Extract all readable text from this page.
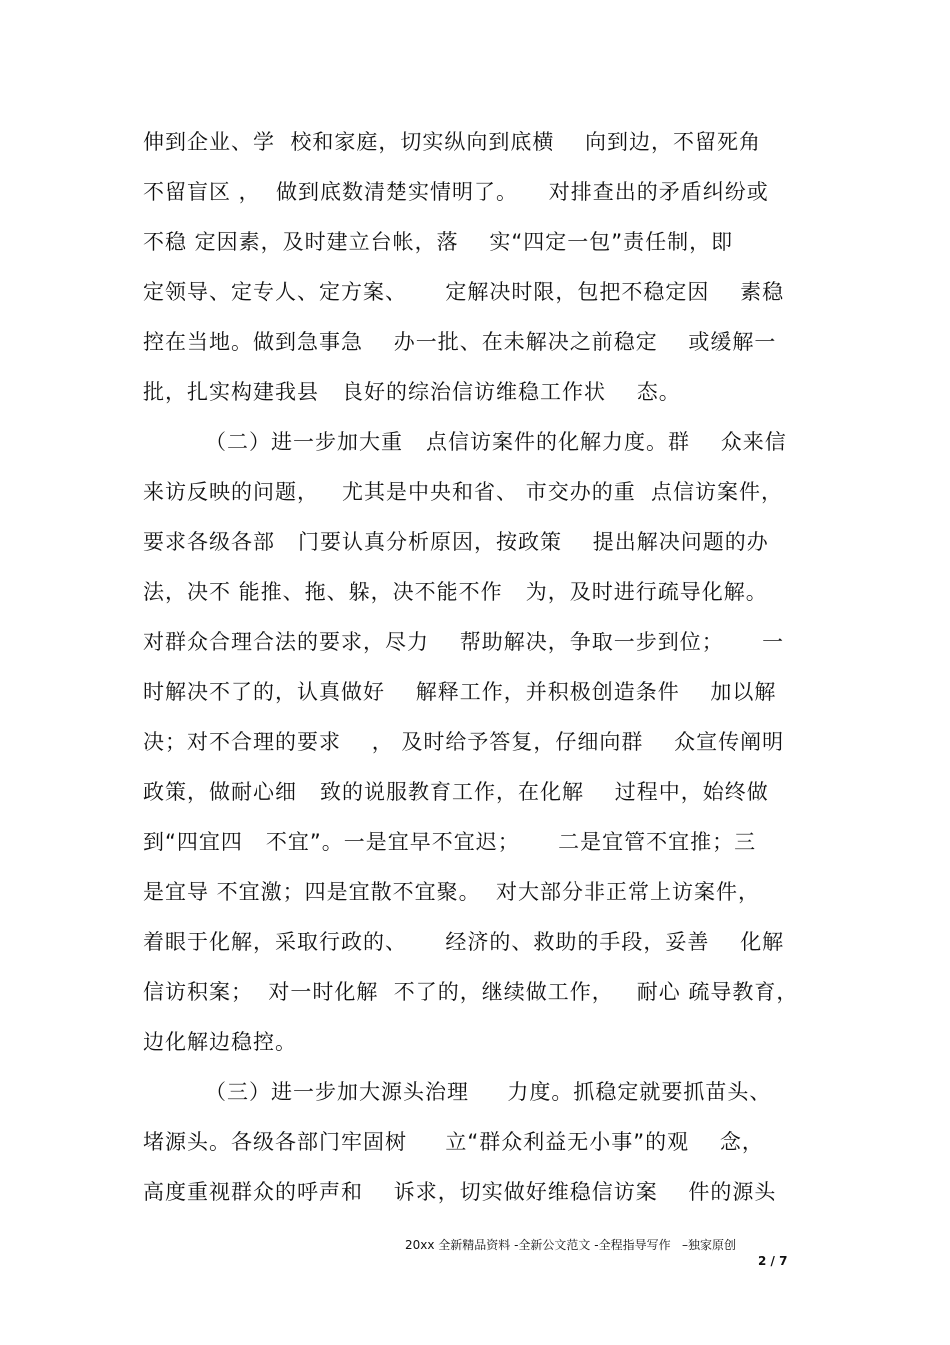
伸到企业、学  校和家庭，切实纵向到底横    向到边，不留死角
不留盲区 ，  做到底数清楚实情明了。    对排查出的矛盾纠纷或
不稳 定因素，及时建立台帐，落    实“四定一包”责任制，即
定领导、定专人、定方案、     定解决时限，包把不稳定因    素稳
控在当地。做到急事急    办一批、在未解决之前稳定    或缓解一
批，扎实构建我县   良好的综治信访维稳工作状    态。
（二）进一步加大重   点信访案件的化解力度。群    众来信
来访反映的问题，   尤其是中央和省、 市交办的重  点信访案件，
要求各级各部   门要认真分析原因，按政策    提出解决问题的办
法，决不 能推、拖、躲，决不能不作   为，及时进行疏导化解。
对群众合理合法的要求，尽力    帮助解决，争取一步到位；     一
时解决不了的，认真做好    解释工作，并积极创造条件    加以解
决；对不合理的要求    ， 及时给予答复，仔细向群    众宣传阐明
政策，做耐心细   致的说服教育工作，在化解    过程中，始终做
到“四宜四   不宜”。一是宜早不宜迟；     二是宜管不宜推；三
是宜导 不宜激；四是宜散不宜聚。  对大部分非正常上访案件，
着眼于化解，采取行政的、     经济的、救助的手段，妥善    化解
信访积案；  对一时化解  不了的，继续做工作，   耐心 疏导教育，
边化解边稳控。
（三）进一步加大源头治理     力度。抓稳定就要抓苗头、
堵源头。各级各部门牢固树     立“群众利益无小事”的观    念，
高度重视群众的呼声和    诉求，切实做好维稳信访案    件的源头
20xx 全新精品资料 -全新公文范文 -全程指导写作   –独家原创
2 / 7
